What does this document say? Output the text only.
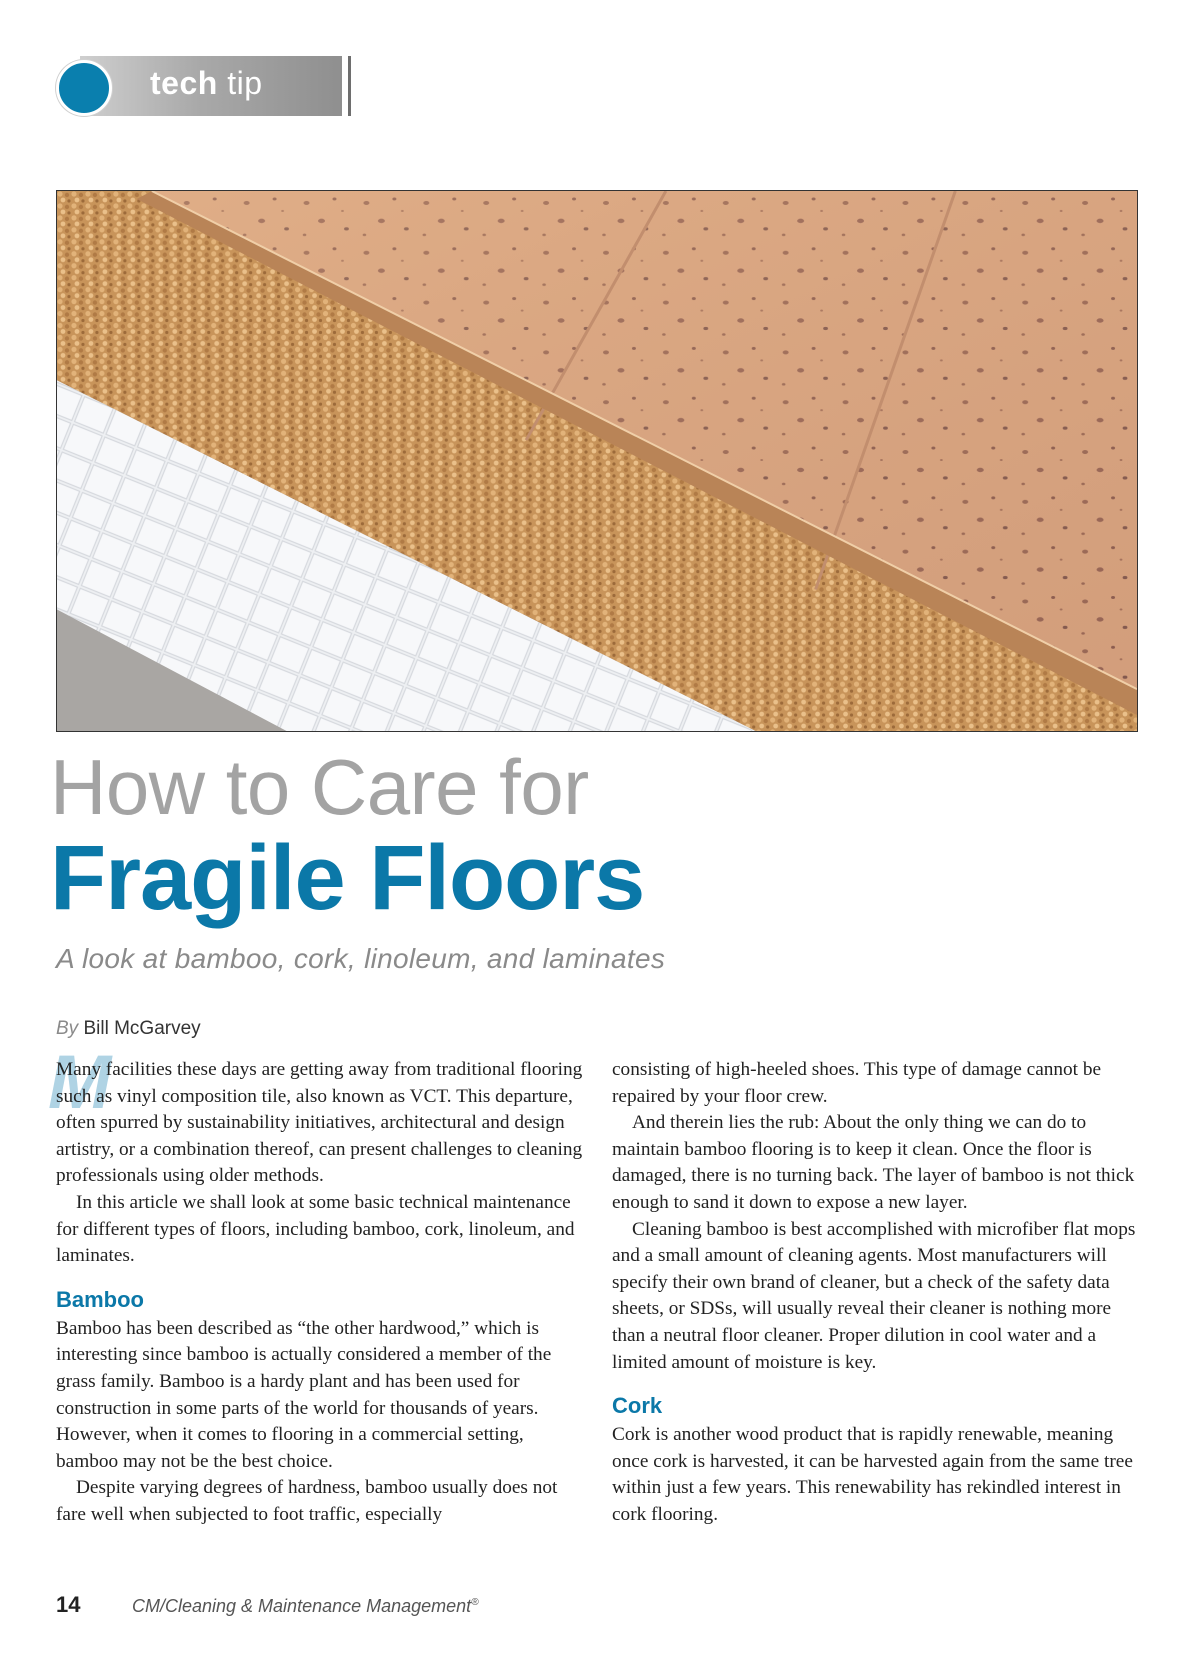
tech tip
How to Care for
Fragile Floors
A look at bamboo, cork, linoleum, and laminates
By Bill McGarvey
M

Many facilities these days are getting away from traditional flooring such as vinyl composition tile, also known as VCT. This departure, often spurred by sustainability initiatives, architectural and design artistry, or a combination thereof, can present challenges to cleaning professionals using older methods.

In this article we shall look at some basic technical maintenance for different types of floors, including bamboo, cork, linoleum, and laminates.

Bamboo

Bamboo has been described as “the other hardwood,” which is interesting since bamboo is actually considered a member of the grass family. Bamboo is a hardy plant and has been used for construction in some parts of the world for thousands of years. However, when it comes to flooring in a commercial setting, bamboo may not be the best choice.

Despite varying degrees of hardness, bamboo usually does not fare well when subjected to foot traffic, especially

consisting of high-heeled shoes. This type of damage cannot be repaired by your floor crew.

And therein lies the rub: About the only thing we can do to maintain bamboo flooring is to keep it clean. Once the floor is damaged, there is no turning back. The layer of bamboo is not thick enough to sand it down to expose a new layer.

Cleaning bamboo is best accomplished with microfiber flat mops and a small amount of cleaning agents. Most manufacturers will specify their own brand of cleaner, but a check of the safety data sheets, or SDSs, will usually reveal their cleaner is nothing more than a neutral floor cleaner. Proper dilution in cool water and a limited amount of moisture is key.

Cork

Cork is another wood product that is rapidly renewable, meaning once cork is harvested, it can be harvested again from the same tree within just a few years. This renewability has rekindled interest in cork flooring.

14	CM/Cleaning & Maintenance Management®
